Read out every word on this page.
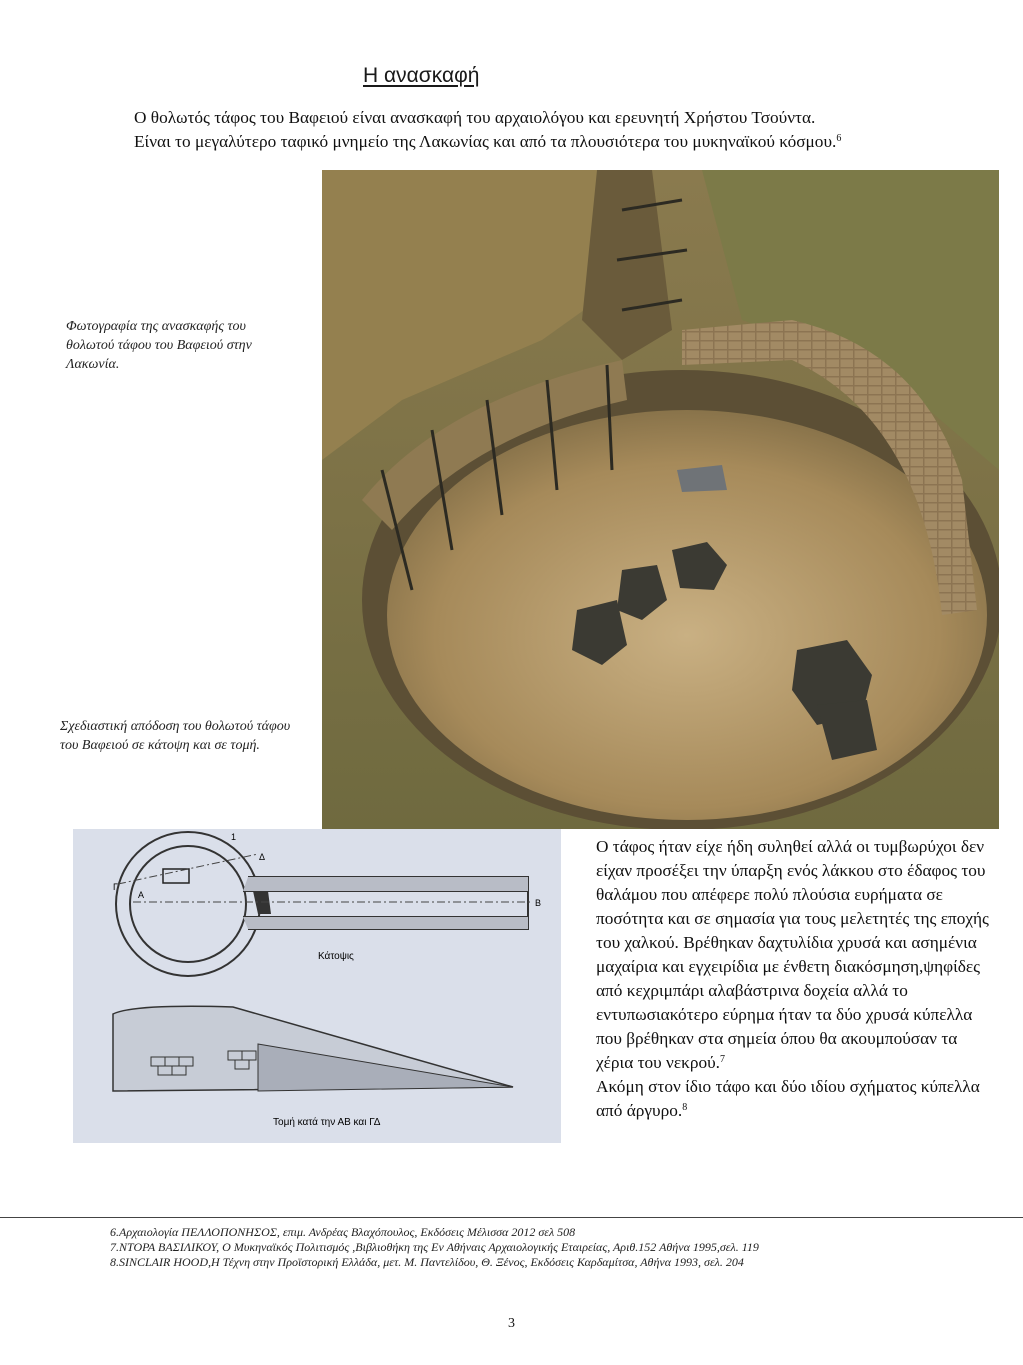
Η ανασκαφή

Ο θολωτός τάφος του Βαφειού είναι ανασκαφή του αρχαιολόγου και ερευνητή Χρήστου Τσούντα.

Είναι το μεγαλύτερο ταφικό μνημείο της Λακωνίας και από τα πλουσιότερα του μυκηναϊκού κόσμου.$^6$

Φωτογραφία της ανασκαφής του θολωτού τάφου του Βαφειού στην Λακωνία.
Σχεδιαστική απόδοση του θολωτού τάφου του Βαφειού σε κάτοψη και σε τομή.
Α
Β
Γ
Δ
1
Κάτοψις
Τομή κατά την ΑΒ και ΓΔ

Ο τάφος ήταν είχε ήδη συληθεί αλλά οι τυμβωρύχοι δεν είχαν προσέξει την ύπαρξη ενός λάκκου στο έδαφος του θαλάμου που απέφερε πολύ πλούσια ευρήματα σε ποσότητα και σε σημασία για τους μελετητές της εποχής του χαλκού. Βρέθηκαν δαχτυλίδια χρυσά και ασημένια μαχαίρια και εγχειρίδια με ένθετη διακόσμηση,ψηφίδες από κεχριμπάρι αλαβάστρινα δοχεία αλλά το εντυπωσιακότερο εύρημα ήταν τα δύο χρυσά κύπελλα που βρέθηκαν στα σημεία όπου θα ακουμπούσαν τα χέρια του νεκρού.$^7$

Ακόμη στον ίδιο τάφο και δύο ιδίου σχήματος κύπελλα από άργυρο.$^8$

6.Αρχαιολογία ΠΕΛΛΟΠΟΝΗΣΟΣ, επιμ. Ανδρέας Βλαχόπουλος, Εκδόσεις Μέλισσα 2012 σελ 508
7.ΝΤΟΡΑ ΒΑΣΙΛΙΚΟΥ, Ο Μυκηναϊκός Πολιτισμός ,Βιβλιοθήκη της Εν Αθήναις Αρχαιολογικής Εταιρείας, Αριθ.152 Αθήνα 1995,σελ. 119
8.SINCLAIR HOOD,Η Τέχνη στην Προϊστορική Ελλάδα, μετ. Μ. Παντελίδου, Θ. Ξένος, Εκδόσεις Καρδαμίτσα, Αθήνα 1993, σελ. 204
3
